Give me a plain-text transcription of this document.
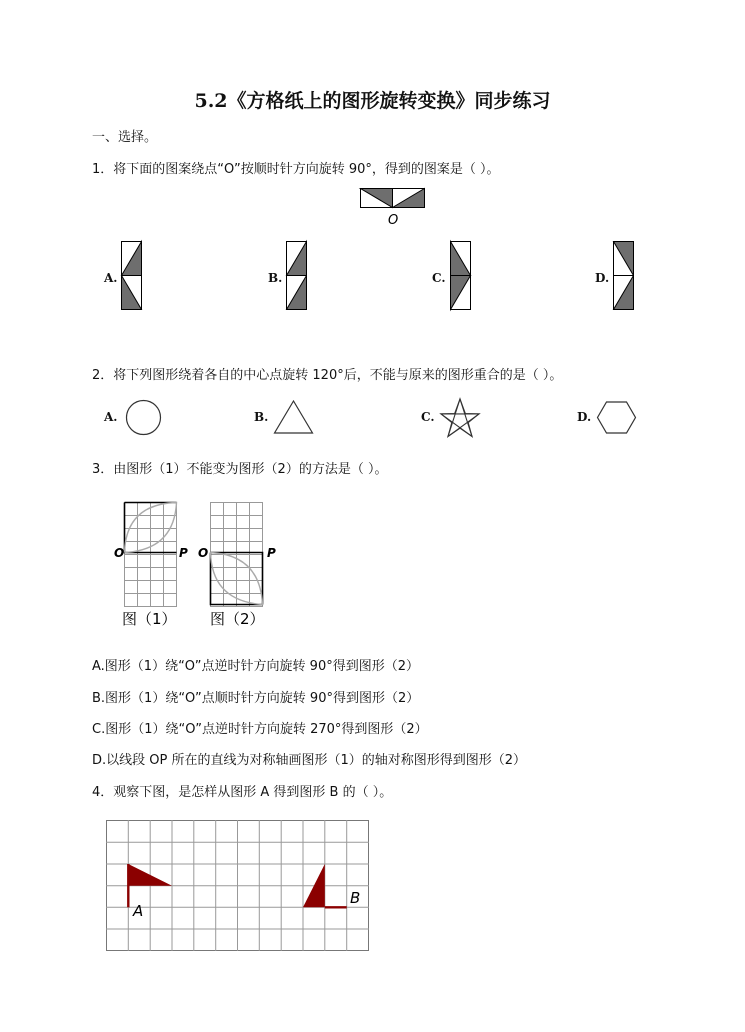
5.2《方格纸上的图形旋转变换》同步练习
一、选择。
1．将下面的图案绕点“O”按顺时针方向旋转 90°，得到的图案是（ ）。
O
A.	B.	C.	D.
2．将下列图形绕着各自的中心点旋转 120°后，不能与原来的图形重合的是（ ）。
A.	B.	C.	D.
3．由图形（1）不能变为图形（2）的方法是（ ）。
O	P
图（1）
O	P
图（2）
A.图形（1）绕“O”点逆时针方向旋转 90°得到图形（2）
B.图形（1）绕“O”点顺时针方向旋转 90°得到图形（2）
C.图形（1）绕“O”点逆时针方向旋转 270°得到图形（2）
D.以线段 OP 所在的直线为对称轴画图形（1）的轴对称图形得到图形（2）
4．观察下图，是怎样从图形 A 得到图形 B 的（ ）。
A
B
